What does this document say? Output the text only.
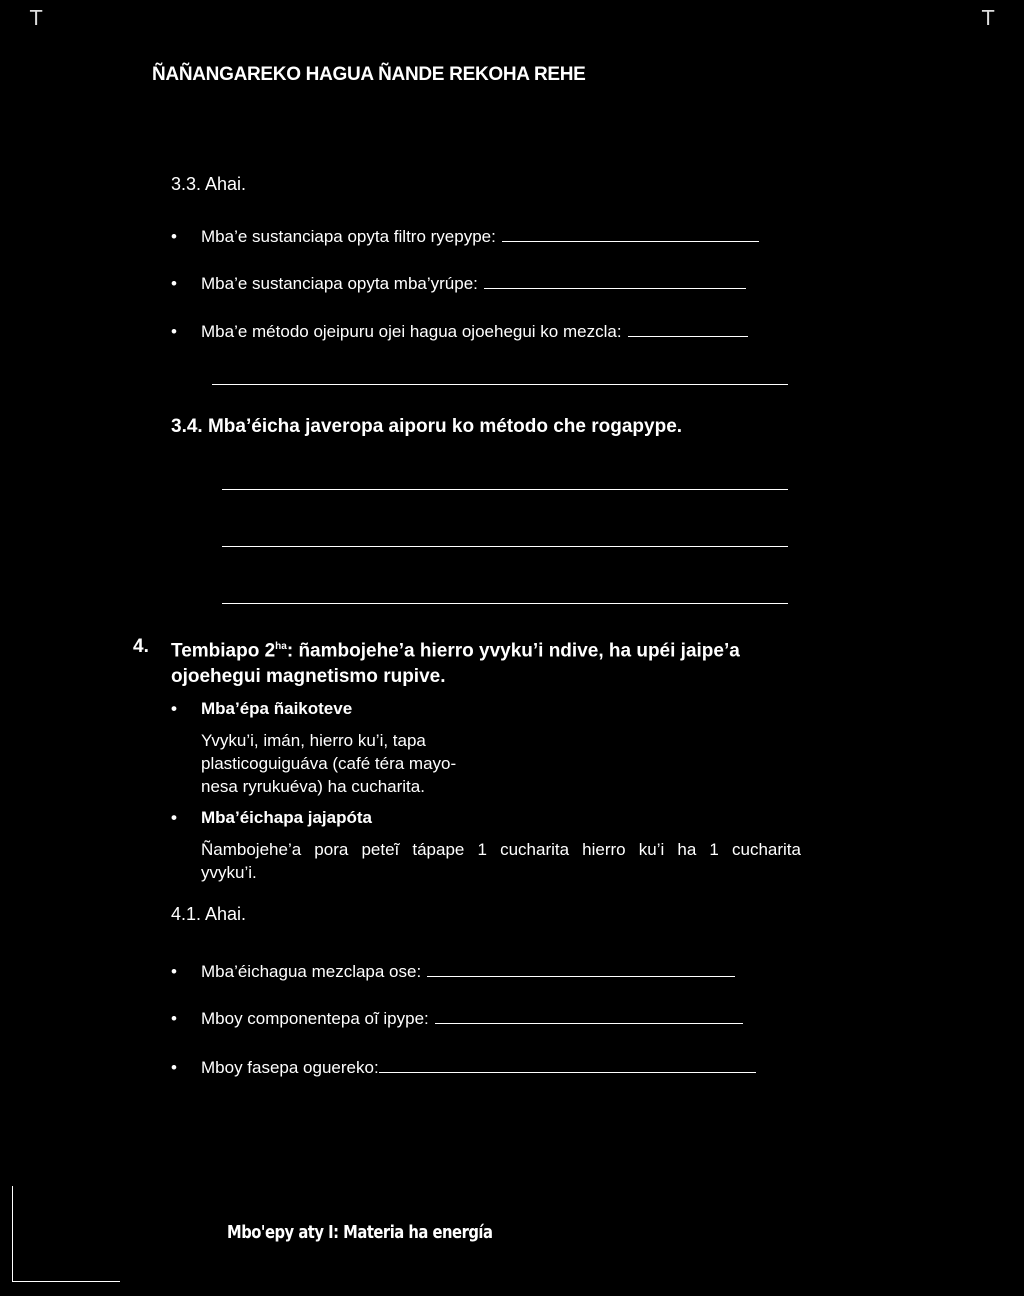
T	T
ÑAÑANGAREKO HAGUA ÑANDE REKOHA REHE
3.3. Ahai.
•	Mba’e sustanciapa opyta filtro ryepype:
•	Mba’e sustanciapa opyta mba’yrúpe:
•	Mba’e método ojeipuru ojei hagua ojoehegui ko mezcla:
3.4. Mba’éicha javeropa aiporu ko método che rogapype.
4. Tembiapo $2^{ha}$: ñambojehe’a hierro yvyku’i ndive, ha upéi jaipe’a
ojoehegui magnetismo rupive.
• Mba’épa ñaikoteve
Yvyku’i, imán, hierro ku’i, tapa
plasticoguiguáva (café téra mayo-
nesa ryrukuéva) ha cucharita.
• Mba’éichapa jajapóta
Ñambojehe’a pora peteĩ tápape 1 cucharita hierro ku’i ha 1 cucharita
yvyku’i.
4.1. Ahai.
•	Mba’éichagua mezclapa ose:
•	Mboy componentepa oĩ ipype:
•	Mboy fasepa oguereko:
Mbo'epy aty I: Materia ha energía
